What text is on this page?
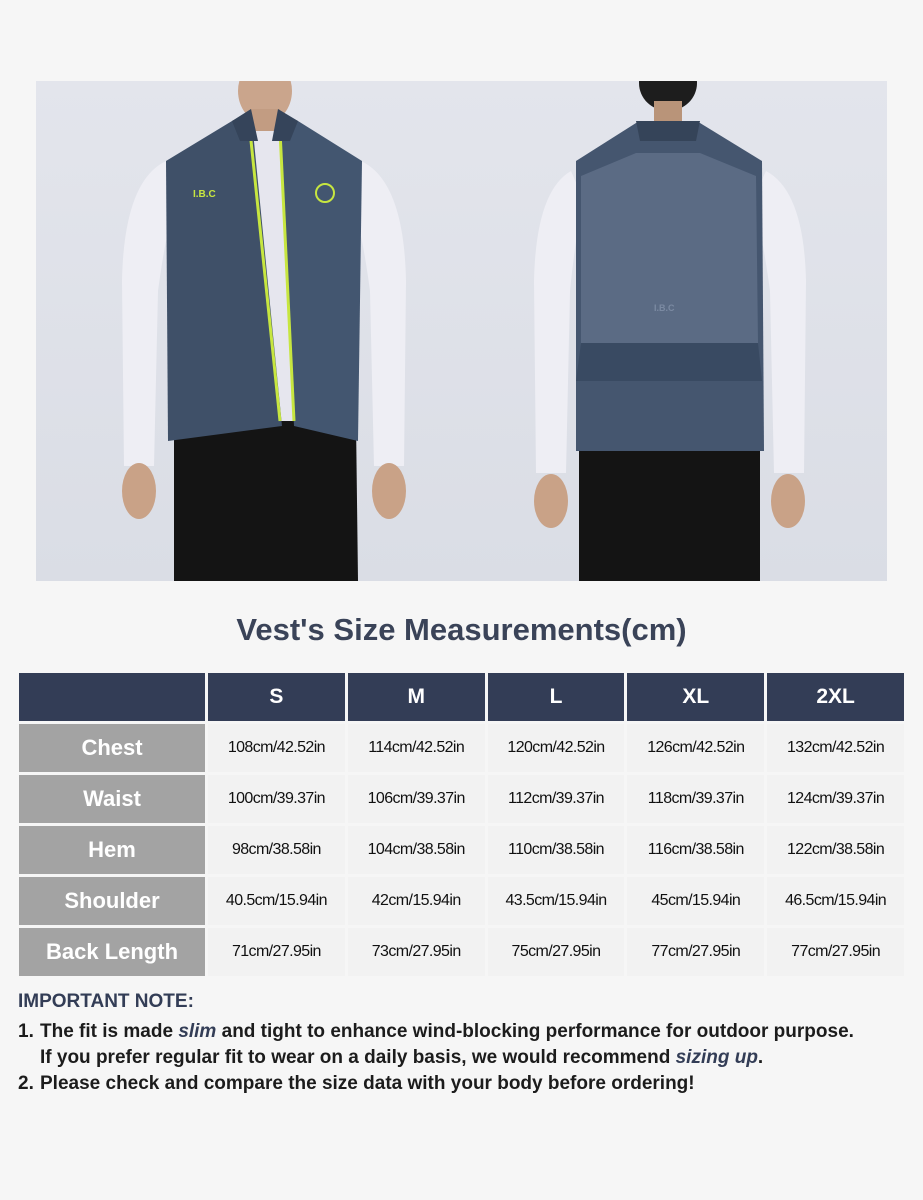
I.B.C
I.B.C
Vest's Size Measurements(cm)
	S	M	L	XL	2XL
Chest	108cm/42.52in	114cm/42.52in	120cm/42.52in	126cm/42.52in	132cm/42.52in
Waist	100cm/39.37in	106cm/39.37in	112cm/39.37in	118cm/39.37in	124cm/39.37in
Hem	98cm/38.58in	104cm/38.58in	110cm/38.58in	116cm/38.58in	122cm/38.58in
Shoulder	40.5cm/15.94in	42cm/15.94in	43.5cm/15.94in	45cm/15.94in	46.5cm/15.94in
Back Length	71cm/27.95in	73cm/27.95in	75cm/27.95in	77cm/27.95in	77cm/27.95in
IMPORTANT NOTE:
1. The fit is made slim and tight to enhance wind-blocking performance for outdoor purpose.
If you prefer regular fit to wear on a daily basis, we would recommend sizing up.
2. Please check and compare the size data with your body before ordering!
